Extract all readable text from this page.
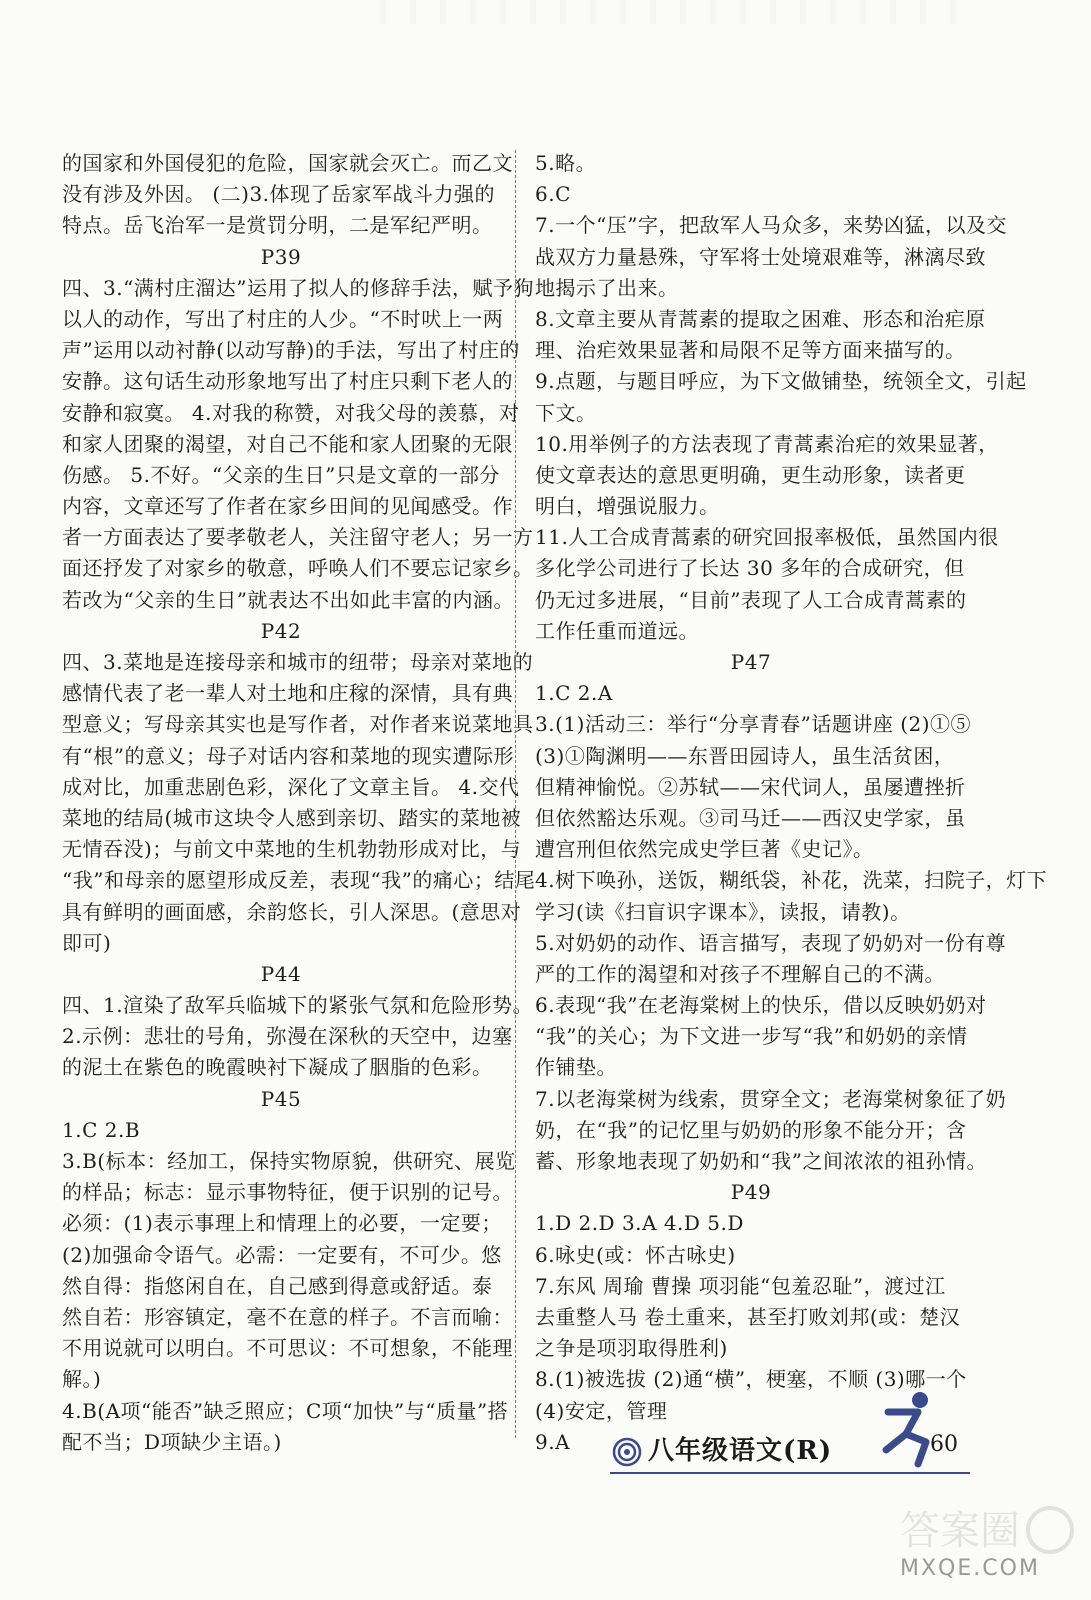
的国家和外国侵犯的危险，国家就会灭亡。而乙文
没有涉及外因。 (二)3.体现了岳家军战斗力强的
特点。岳飞治军一是赏罚分明，二是军纪严明。
P39
四、3.“满村庄溜达”运用了拟人的修辞手法，赋予狗
以人的动作，写出了村庄的人少。“不时吠上一两
声”运用以动衬静(以动写静)的手法，写出了村庄的
安静。这句话生动形象地写出了村庄只剩下老人的
安静和寂寞。 4.对我的称赞，对我父母的羡慕，对
和家人团聚的渴望，对自己不能和家人团聚的无限
伤感。 5.不好。“父亲的生日”只是文章的一部分
内容，文章还写了作者在家乡田间的见闻感受。作
者一方面表达了要孝敬老人，关注留守老人；另一方
面还抒发了对家乡的敬意，呼唤人们不要忘记家乡。
若改为“父亲的生日”就表达不出如此丰富的内涵。
P42
四、3.菜地是连接母亲和城市的纽带；母亲对菜地的
感情代表了老一辈人对土地和庄稼的深情，具有典
型意义；写母亲其实也是写作者，对作者来说菜地具
有“根”的意义；母子对话内容和菜地的现实遭际形
成对比，加重悲剧色彩，深化了文章主旨。 4.交代
菜地的结局(城市这块令人感到亲切、踏实的菜地被
无情吞没)；与前文中菜地的生机勃勃形成对比，与
“我”和母亲的愿望形成反差，表现“我”的痛心；结尾
具有鲜明的画面感，余韵悠长，引人深思。(意思对
即可)
P44
四、1.渲染了敌军兵临城下的紧张气氛和危险形势。
2.示例：悲壮的号角，弥漫在深秋的天空中，边塞
的泥土在紫色的晚霞映衬下凝成了胭脂的色彩。
P45
1.C 2.B
3.B(标本：经加工，保持实物原貌，供研究、展览
的样品；标志：显示事物特征，便于识别的记号。
必须：(1)表示事理上和情理上的必要，一定要；
(2)加强命令语气。必需：一定要有，不可少。悠
然自得：指悠闲自在，自己感到得意或舒适。泰
然自若：形容镇定，毫不在意的样子。不言而喻：
不用说就可以明白。不可思议：不可想象，不能理
解。)
4.B(A项“能否”缺乏照应；C项“加快”与“质量”搭
配不当；D项缺少主语。)
5.略。
6.C
7.一个“压”字，把敌军人马众多，来势凶猛，以及交
战双方力量悬殊，守军将士处境艰难等，淋漓尽致
地揭示了出来。
8.文章主要从青蒿素的提取之困难、形态和治疟原
理、治疟效果显著和局限不足等方面来描写的。
9.点题，与题目呼应，为下文做铺垫，统领全文，引起
下文。
10.用举例子的方法表现了青蒿素治疟的效果显著，
使文章表达的意思更明确，更生动形象，读者更
明白，增强说服力。
11.人工合成青蒿素的研究回报率极低，虽然国内很
多化学公司进行了长达 30 多年的合成研究，但
仍无过多进展，“目前”表现了人工合成青蒿素的
工作任重而道远。
P47
1.C 2.A
3.(1)活动三：举行“分享青春”话题讲座 (2)①⑤
(3)①陶渊明——东晋田园诗人，虽生活贫困，
但精神愉悦。②苏轼——宋代词人，虽屡遭挫折
但依然豁达乐观。③司马迁——西汉史学家，虽
遭宫刑但依然完成史学巨著《史记》。
4.树下唤孙，送饭，糊纸袋，补花，洗菜，扫院子，灯下
学习(读《扫盲识字课本》，读报，请教)。
5.对奶奶的动作、语言描写，表现了奶奶对一份有尊
严的工作的渴望和对孩子不理解自己的不满。
6.表现“我”在老海棠树上的快乐，借以反映奶奶对
“我”的关心；为下文进一步写“我”和奶奶的亲情
作铺垫。
7.以老海棠树为线索，贯穿全文；老海棠树象征了奶
奶，在“我”的记忆里与奶奶的形象不能分开；含
蓄、形象地表现了奶奶和“我”之间浓浓的祖孙情。
P49
1.D 2.D 3.A 4.D 5.D
6.咏史(或：怀古咏史)
7.东风 周瑜 曹操 项羽能“包羞忍耻”，渡过江
去重整人马 卷土重来，甚至打败刘邦(或：楚汉
之争是项羽取得胜利)
8.(1)被选拔 (2)通“横”，梗塞，不顺 (3)哪一个
(4)安定，管理
9.A	八年级语文(R)	60
答案圈
MXQE.COM
